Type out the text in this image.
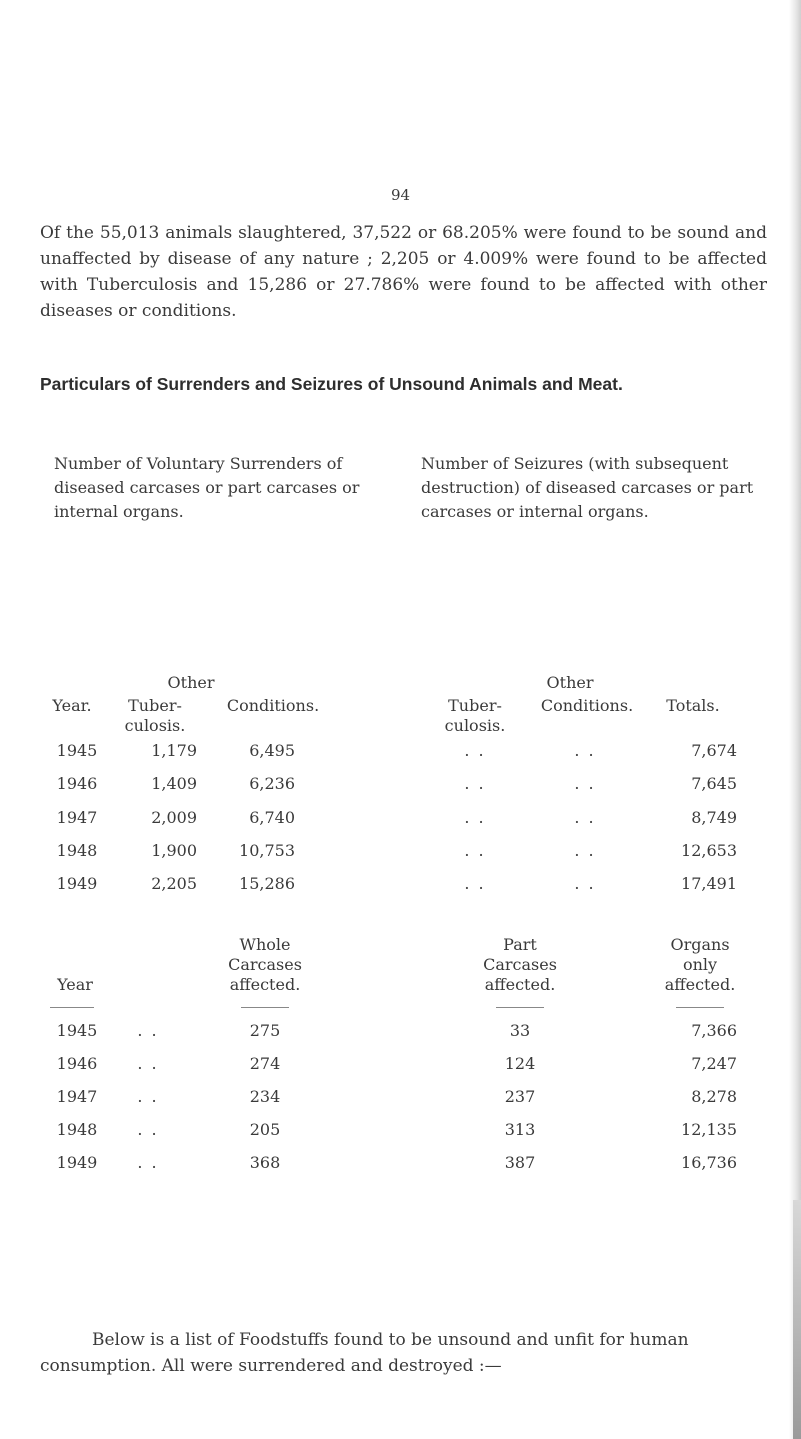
94

Of the 55,013 animals slaughtered, 37,522 or 68.205% were found to be sound and unaffected by disease of any nature ; 2,205 or 4.009% were found to be affected with Tuberculosis and 15,286 or 27.786% were found to be affected with other diseases or conditions.

Particulars of Surrenders and Seizures of Unsound Animals and Meat.

Number of Voluntary Surrenders of diseased carcases or part carcases or internal organs.

Number of Seizures (with subsequent destruction) of diseased carcases or part carcases or internal organs.

Other	Other
Year.	Tuber-	Conditions.	Tuber-	Conditions.	Totals.
culosis.	culosis.
1945	1,179	6,495	. .	. .	7,674
1946	1,409	6,236	. .	. .	7,645
1947	2,009	6,740	. .	. .	8,749
1948	1,900	10,753	. .	. .	12,653
1949	2,205	15,286	. .	. .	17,491
Whole
Carcases
affected.
Part
Carcases
affected.
Organs
only
affected.
Year
1945	. .	275	33	7,366
1946	. .	274	124	7,247
1947	. .	234	237	8,278
1948	. .	205	313	12,135
1949	. .	368	387	16,736

Below is a list of Foodstuffs found to be unsound and unfit for human consumption. All were surrendered and destroyed :—
